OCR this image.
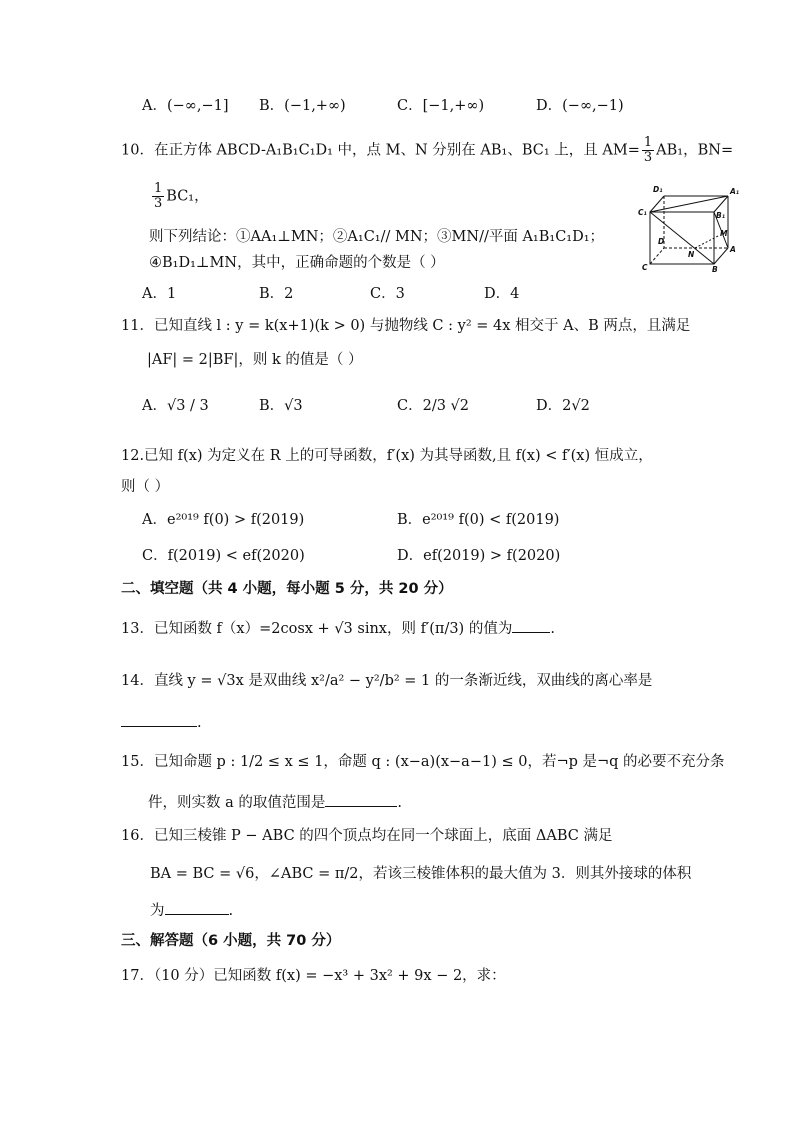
A．(−∞,−1] B．(−1,+∞)	C．[−1,+∞)	D．(−∞,−1)
10．在正方体 ABCD-A₁B₁C₁D₁ 中，点 M、N 分别在 AB₁、BC₁ 上，且 $AM= \frac{1}{3} AB_1$，BN=
$\frac{1}{3} BC_1$，
则下列结论：①AA₁⊥MN；②A₁C₁// MN；③MN//平面 A₁B₁C₁D₁；
④B₁D₁⊥MN，其中，正确命题的个数是（ ）
D₁	A₁
C₁	B₁
D
A
C	B
M
N
A．1	B．2	C．3	D．4
11．已知直线 l : y = k(x+1)(k > 0) 与抛物线 C : y² = 4x 相交于 A、B 两点，且满足
|AF| = 2|BF|，则 k 的值是（ ）
A．√3 / 3	B．√3	C．2/3 √2	D．2√2
12.已知 f(x) 为定义在 R 上的可导函数，f′(x) 为其导函数,且 f(x) < f′(x) 恒成立，
则（ ）
A．e²⁰¹⁹ f(0) > f(2019)	B．e²⁰¹⁹ f(0) < f(2019)
C．f(2019) < ef(2020)	D．ef(2019) > f(2020)
二、填空题（共 4 小题，每小题 5 分，共 20 分）
13．已知函数 f（x）=2cosx + √3 sinx，则 f′(π/3) 的值为	.
14．直线 y = √3x 是双曲线 x²/a² − y²/b² = 1 的一条渐近线，双曲线的离心率是
.
15．已知命题 p : 1/2 ≤ x ≤ 1，命题 q : (x−a)(x−a−1) ≤ 0，若¬p 是¬q 的必要不充分条
件，则实数 a 的取值范围是	.
16．已知三棱锥 P − ABC 的四个顶点均在同一个球面上，底面 ΔABC 满足
BA = BC = √6，∠ABC = π/2，若该三棱锥体积的最大值为 3．则其外接球的体积
为	.
三、解答题（6 小题，共 70 分）
17．（10 分）已知函数 f(x) = −x³ + 3x² + 9x − 2，求：
